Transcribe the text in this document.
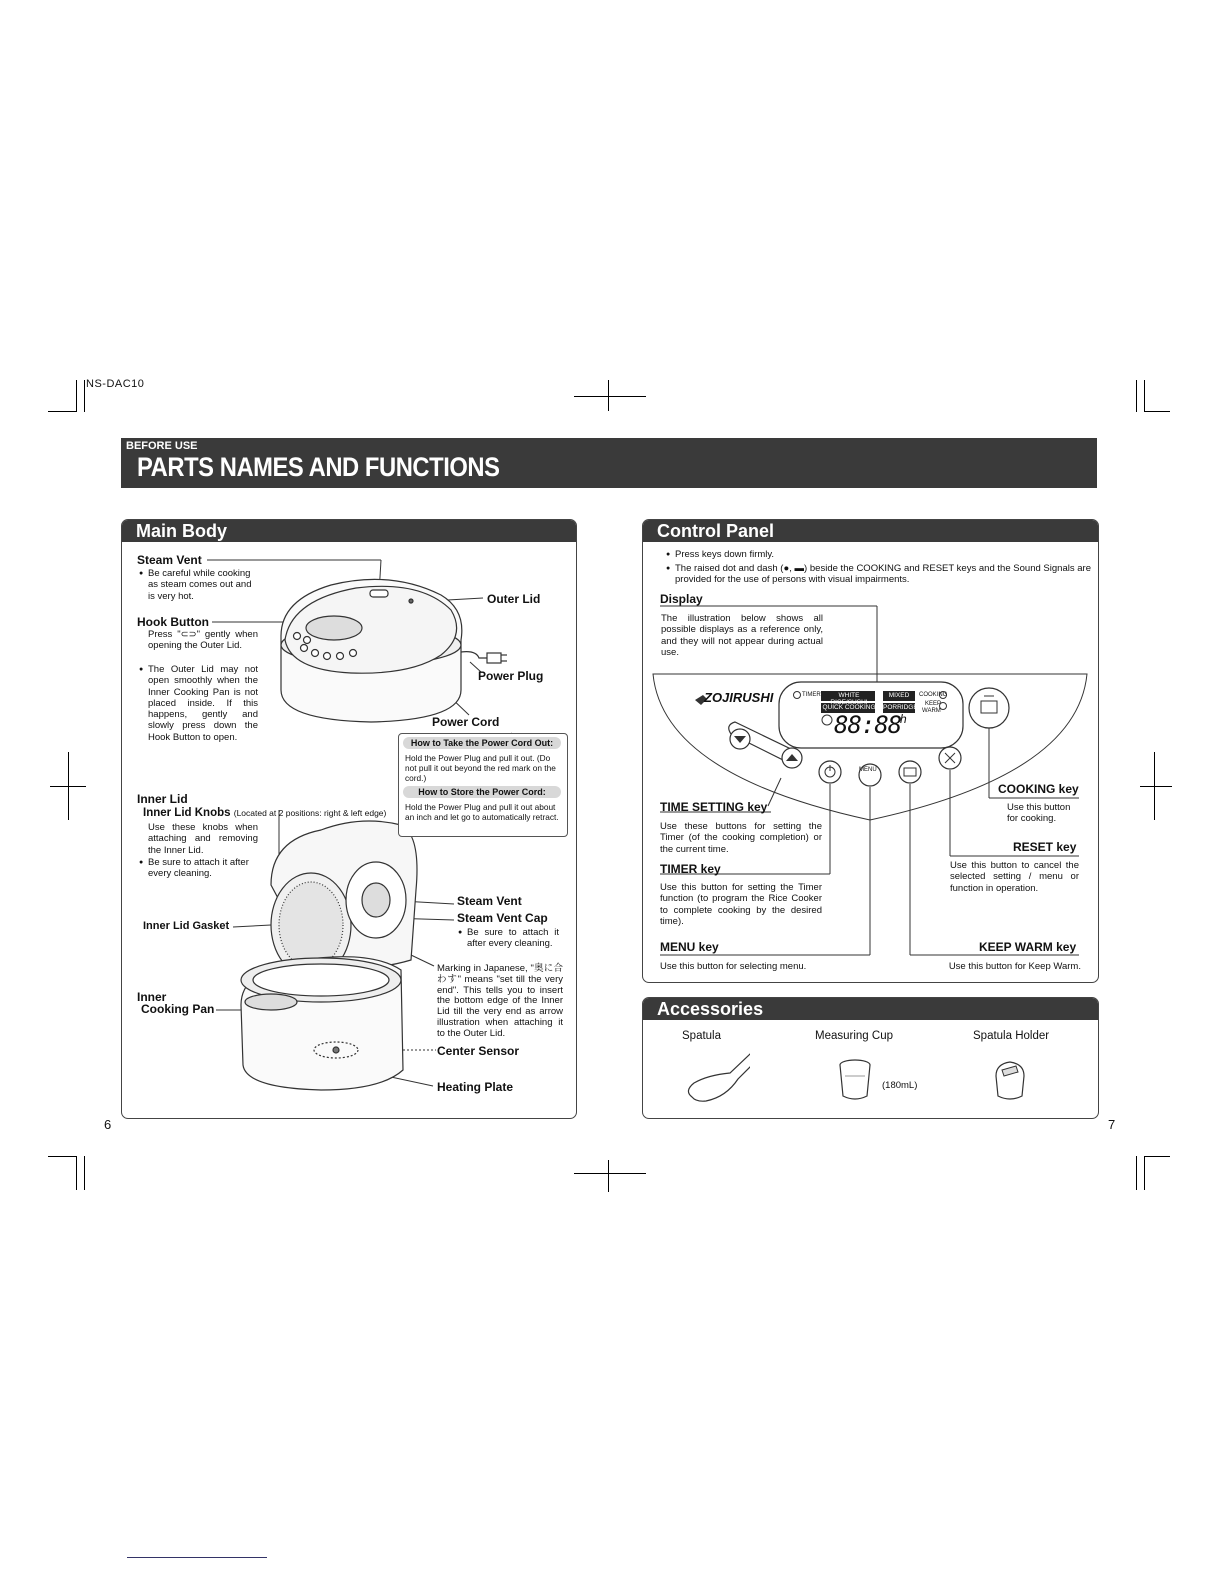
NS-DAC10
BEFORE USE
PARTS NAMES AND FUNCTIONS
Main Body
Steam Vent
● Be careful while cooking as steam comes out and is very hot.
Hook Button
Press "⊂⊃" gently when opening the Outer Lid.
● The Outer Lid may not open smoothly when the Inner Cooking Pan is not placed inside. If this happens, gently and slowly press down the Hook Button to open.
Outer Lid
Power Plug
Power Cord
How to Take the Power Cord Out:
Hold the Power Plug and pull it out. (Do not pull it out beyond the red mark on the cord.)
How to Store the Power Cord:
Hold the Power Plug and pull it out about an inch and let go to automatically retract.
Inner Lid
Inner Lid Knobs (Located at 2 positions: right & left edge)
Use these knobs when attaching and removing the Inner Lid.
● Be sure to attach it after every cleaning.
Inner Lid Gasket
Steam Vent
Steam Vent Cap
● Be sure to attach it after every cleaning.
Marking in Japanese, "奥に合わす" means "set till the very end". This tells you to insert the bottom edge of the Inner Lid till the very end as arrow illustration when attaching it to the Outer Lid.
Inner
Cooking Pan
Center Sensor
Heating Plate
Control Panel
● Press keys down firmly.
● The raised dot and dash (●, ▬) beside the COOKING and RESET keys and the Sound Signals are provided for the use of persons with visual impairments.
Display
The illustration below shows all possible displays as a reference only, and they will not appear during actual use.
ZOJIRUSHI	TIMER	WHITE RICE/SUSHI
MIXED
QUICK COOKING PORRIDGE
COOKING
KEEP
WARM
88:88
h
MENU
TIME SETTING key
Use these buttons for setting the Timer (of the cooking completion) or the current time.
TIMER key
Use this button for setting the Timer function (to program the Rice Cooker to complete cooking by the desired time).
MENU key
Use this button for selecting menu.
COOKING key
Use this button for cooking.
RESET key
Use this button to cancel the selected setting / menu or function in operation.
KEEP WARM key
Use this button for Keep Warm.
Accessories
Spatula	Measuring Cup	Spatula Holder
(180mL)
6	7
